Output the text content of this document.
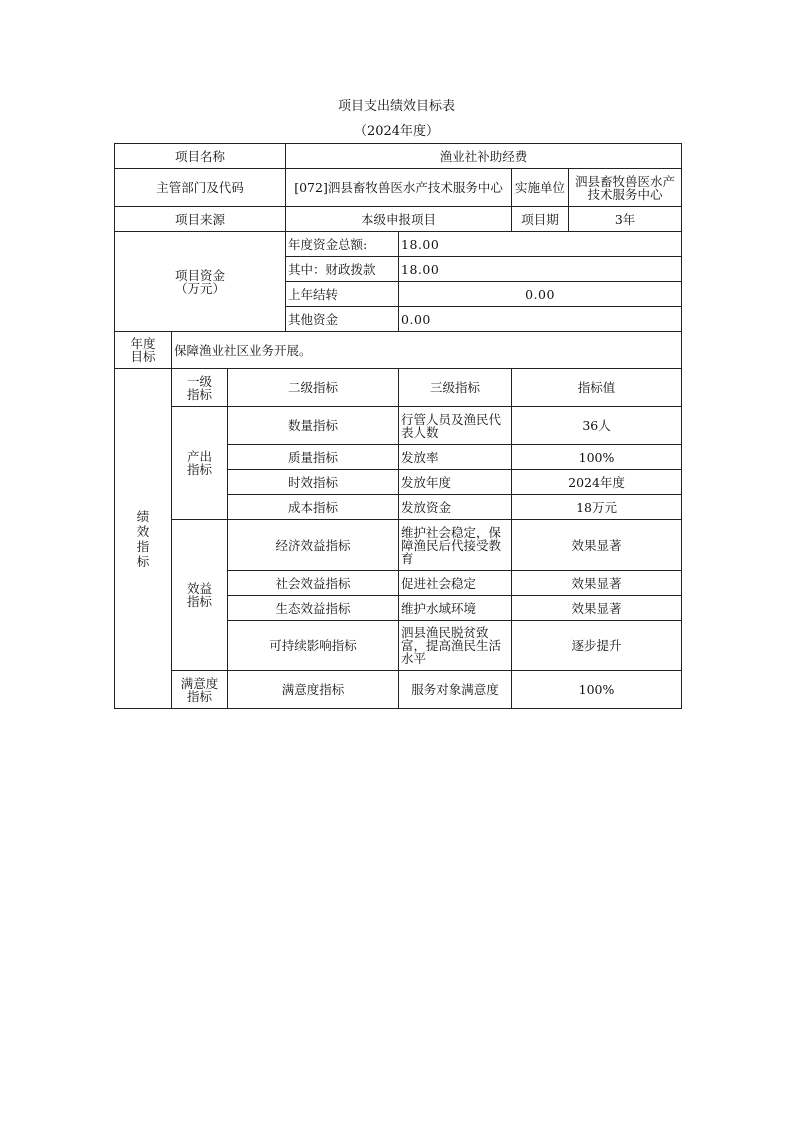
项目支出绩效目标表
（2024年度）
项目名称			渔业社补助经费			
主管部门及代码			[072]泗县畜牧兽医水产技术服务中心		实施单位	泗县畜牧兽医水产技术服务中心
项目来源			本级申报项目		项目期	3年
项目资金（万元）			年度资金总额:	18.00		
			其中：财政拨款	18.00		
			上年结转	0.00		
			其他资金	0.00		
年度目标	保障渔业社区业务开展。					
绩效指标	一级指标	二级指标		三级指标	指标值	
	产出指标	数量指标		行管人员及渔民代表人数	36人	
		质量指标		发放率	100%	
		时效指标		发放年度	2024年度	
		成本指标		发放资金	18万元	
	效益指标	经济效益指标		维护社会稳定，保障渔民后代接受教育	效果显著	
		社会效益指标		促进社会稳定	效果显著	
		生态效益指标		维护水域环境	效果显著	
		可持续影响指标		泗县渔民脱贫致富，提高渔民生活水平	逐步提升	
	满意度指标	满意度指标		服务对象满意度	100%	
